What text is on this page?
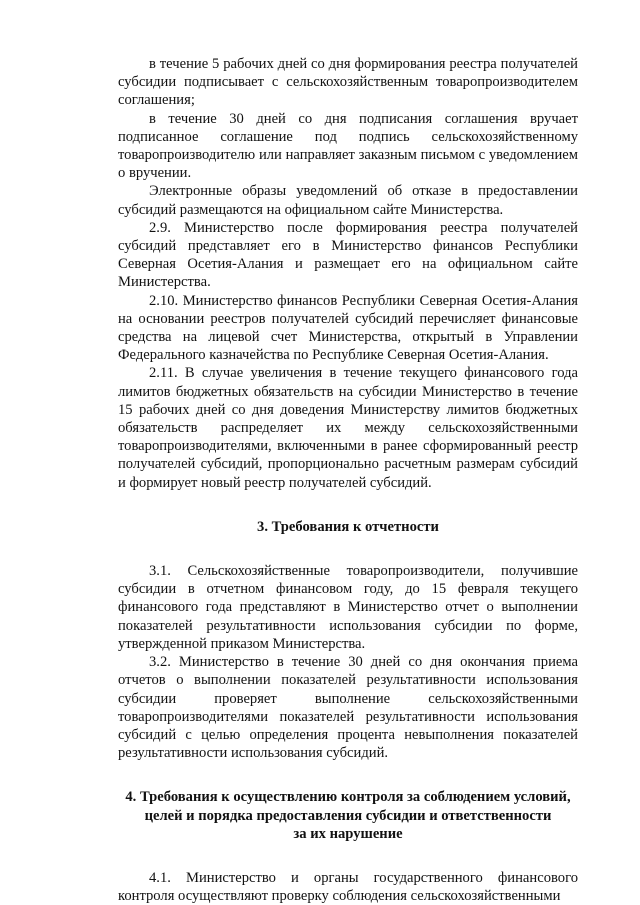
в течение 5 рабочих дней со дня формирования реестра получателей субсидии подписывает с сельскохозяйственным товаропроизводителем соглашения;

в течение 30 дней со дня подписания соглашения вручает подписанное соглашение под подпись сельскохозяйственному товаропроизводителю или направляет заказным письмом с уведомлением о вручении.

Электронные образы уведомлений об отказе в предоставлении субсидий размещаются на официальном сайте Министерства.

2.9. Министерство после формирования реестра получателей субсидий представляет его в Министерство финансов Республики Северная Осетия-Алания и размещает его на официальном сайте Министерства.

2.10. Министерство финансов Республики Северная Осетия-Алания на основании реестров получателей субсидий перечисляет финансовые средства на лицевой счет Министерства, открытый в Управлении Федерального казначейства по Республике Северная Осетия-Алания.

2.11. В случае увеличения в течение текущего финансового года лимитов бюджетных обязательств на субсидии Министерство в течение 15 рабочих дней со дня доведения Министерству лимитов бюджетных обязательств распределяет их между сельскохозяйственными товаропроизводителями, включенными в ранее сформированный реестр получателей субсидий, пропорционально расчетным размерам субсидий и формирует новый реестр получателей субсидий.

3. Требования к отчетности

3.1. Сельскохозяйственные товаропроизводители, получившие субсидии в отчетном финансовом году, до 15 февраля текущего финансового года представляют в Министерство отчет о выполнении показателей результативности использования субсидии по форме, утвержденной приказом Министерства.

3.2. Министерство в течение 30 дней со дня окончания приема отчетов о выполнении показателей результативности использования субсидии проверяет выполнение сельскохозяйственными товаропроизводителями показателей результативности использования субсидий с целью определения процента невыполнения показателей результативности использования субсидий.

4. Требования к осуществлению контроля за соблюдением условий,

целей и порядка предоставления субсидии и ответственности

за их нарушение

4.1. Министерство и органы государственного финансового контроля осуществляют проверку соблюдения сельскохозяйственными
